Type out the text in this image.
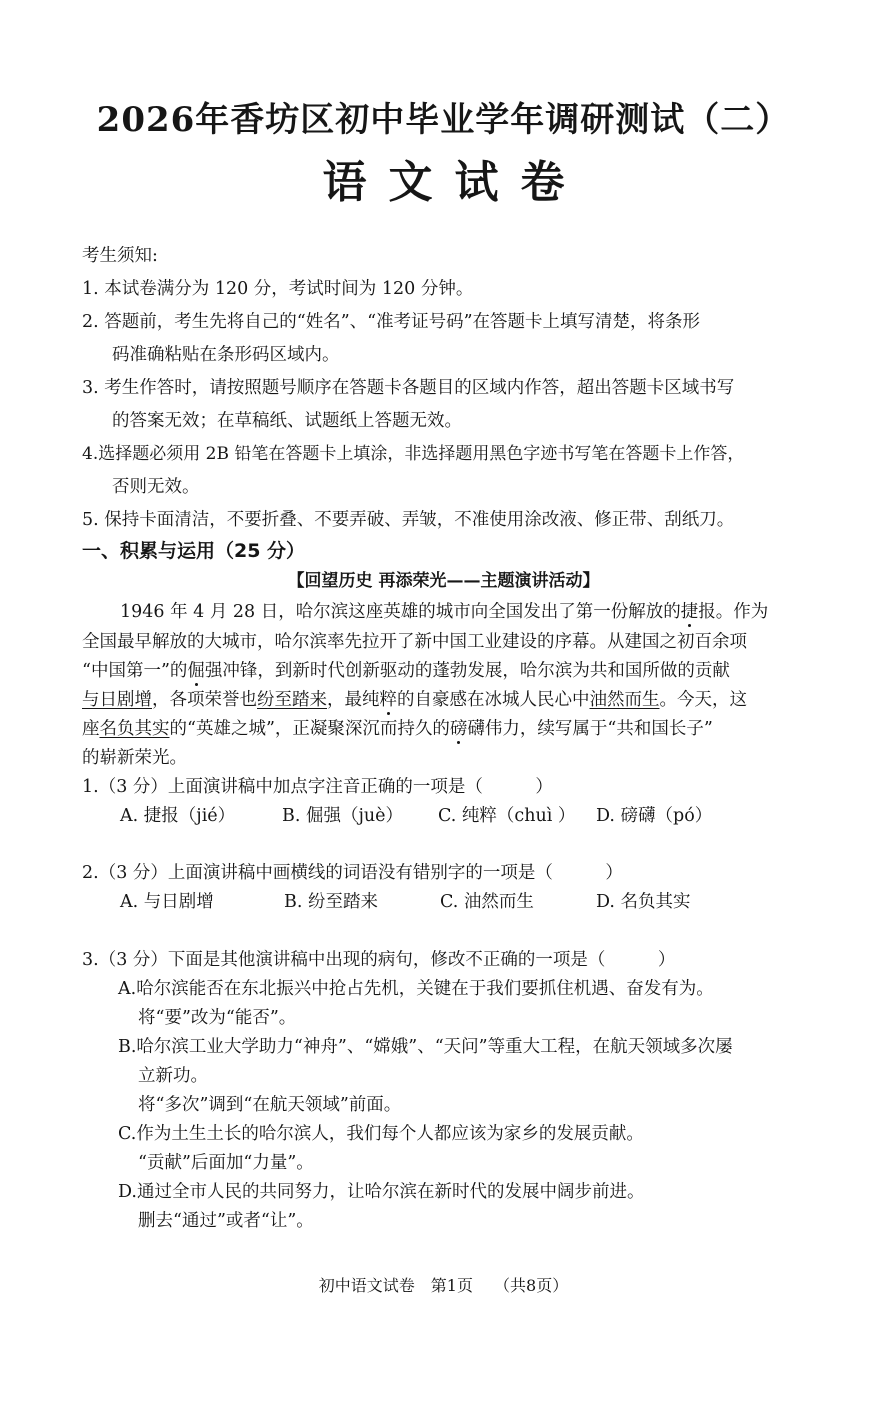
2026年香坊区初中毕业学年调研测试（二）
语文试卷
考生须知:
1. 本试卷满分为 120 分，考试时间为 120 分钟。
2. 答题前，考生先将自己的“姓名”、“准考证号码”在答题卡上填写清楚，将条形
码准确粘贴在条形码区域内。
3. 考生作答时，请按照题号顺序在答题卡各题目的区域内作答，超出答题卡区域书写
的答案无效；在草稿纸、试题纸上答题无效。
4.选择题必须用 2B 铅笔在答题卡上填涂，非选择题用黑色字迹书写笔在答题卡上作答，
否则无效。
5. 保持卡面清洁，不要折叠、不要弄破、弄皱，不准使用涂改液、修正带、刮纸刀。
一、积累与运用（25 分）
【回望历史 再添荣光——主题演讲活动】
1946 年 4 月 28 日，哈尔滨这座英雄的城市向全国发出了第一份解放的捷报。作为
全国最早解放的大城市，哈尔滨率先拉开了新中国工业建设的序幕。从建国之初百余项
“中国第一”的倔强冲锋，到新时代创新驱动的蓬勃发展，哈尔滨为共和国所做的贡献
与日剧增，各项荣誉也纷至踏来，最纯粹的自豪感在冰城人民心中油然而生。今天，这
座名负其实的“英雄之城”，正凝聚深沉而持久的磅礴伟力，续写属于“共和国长子”
的崭新荣光。
1.（3 分）上面演讲稿中加点字注音正确的一项是（　　　）
A. 捷报（jié）	B. 倔强（juè） C. 纯粹（chuì ） D. 磅礴（pó）
2.（3 分）上面演讲稿中画横线的词语没有错别字的一项是（　　　）
A. 与日剧增	B. 纷至踏来	C. 油然而生	D. 名负其实
3.（3 分）下面是其他演讲稿中出现的病句，修改不正确的一项是（　　　）
A.哈尔滨能否在东北振兴中抢占先机，关键在于我们要抓住机遇、奋发有为。
将“要”改为“能否”。
B.哈尔滨工业大学助力“神舟”、“嫦娥”、“天问”等重大工程，在航天领域多次屡
立新功。
将“多次”调到“在航天领域”前面。
C.作为土生土长的哈尔滨人，我们每个人都应该为家乡的发展贡献。
“贡献”后面加“力量”。
D.通过全市人民的共同努力，让哈尔滨在新时代的发展中阔步前进。
删去“通过”或者“让”。
初中语文试卷　第1页　 （共8页）
